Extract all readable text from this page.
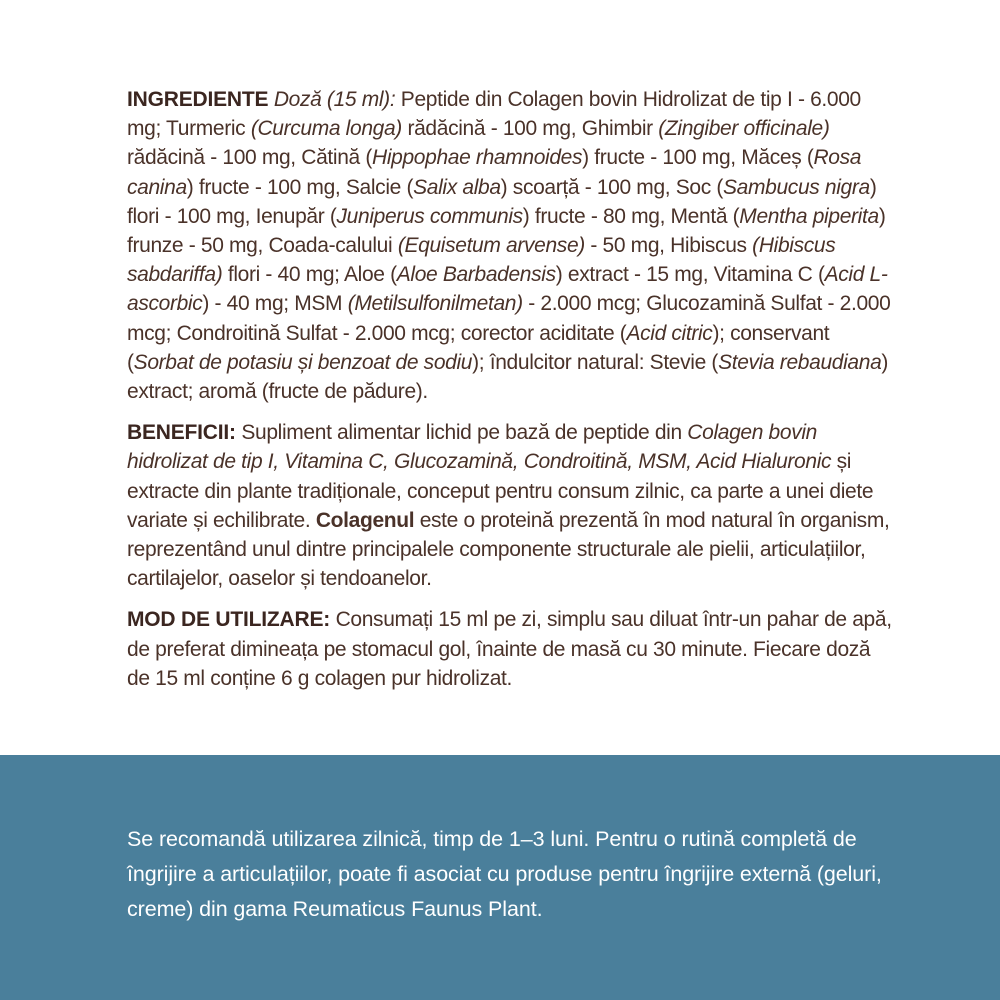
INGREDIENTE Doză (15 ml): Peptide din Colagen bovin Hidrolizat de tip I - 6.000 mg; Turmeric (Curcuma longa) rădăcină - 100 mg, Ghimbir (Zingiber officinale) rădăcină - 100 mg, Cătină (Hippophae rhamnoides) fructe - 100 mg, Măceș (Rosa canina) fructe - 100 mg, Salcie (Salix alba) scoarță - 100 mg, Soc (Sambucus nigra) flori - 100 mg, Ienupăr (Juniperus communis) fructe - 80 mg, Mentă (Mentha piperita) frunze - 50 mg, Coada-calului (Equisetum arvense) - 50 mg, Hibiscus (Hibiscus sabdariffa) flori - 40 mg; Aloe (Aloe Barbadensis) extract - 15 mg, Vitamina C (Acid L-ascorbic) - 40 mg; MSM (Metilsulfonilmetan) - 2.000 mcg; Glucozamină Sulfat - 2.000 mcg; Condroitină Sulfat - 2.000 mcg; corector aciditate (Acid citric); conservant (Sorbat de potasiu și benzoat de sodiu); îndulcitor natural: Stevie (Stevia rebaudiana) extract; aromă (fructe de pădure).

BENEFICII: Supliment alimentar lichid pe bază de peptide din Colagen bovin hidrolizat de tip I, Vitamina C, Glucozamină, Condroitină, MSM, Acid Hialuronic și extracte din plante tradiționale, conceput pentru consum zilnic, ca parte a unei diete variate și echilibrate. Colagenul este o proteină prezentă în mod natural în organism, reprezentând unul dintre principalele componente structurale ale pielii, articulațiilor, cartilajelor, oaselor și tendoanelor.

MOD DE UTILIZARE: Consumați 15 ml pe zi, simplu sau diluat într-un pahar de apă, de preferat dimineața pe stomacul gol, înainte de masă cu 30 minute. Fiecare doză de 15 ml conține 6 g colagen pur hidrolizat.

Se recomandă utilizarea zilnică, timp de 1–3 luni. Pentru o rutină completă de îngrijire a articulațiilor, poate fi asociat cu produse pentru îngrijire externă (geluri, creme) din gama Reumaticus Faunus Plant.
